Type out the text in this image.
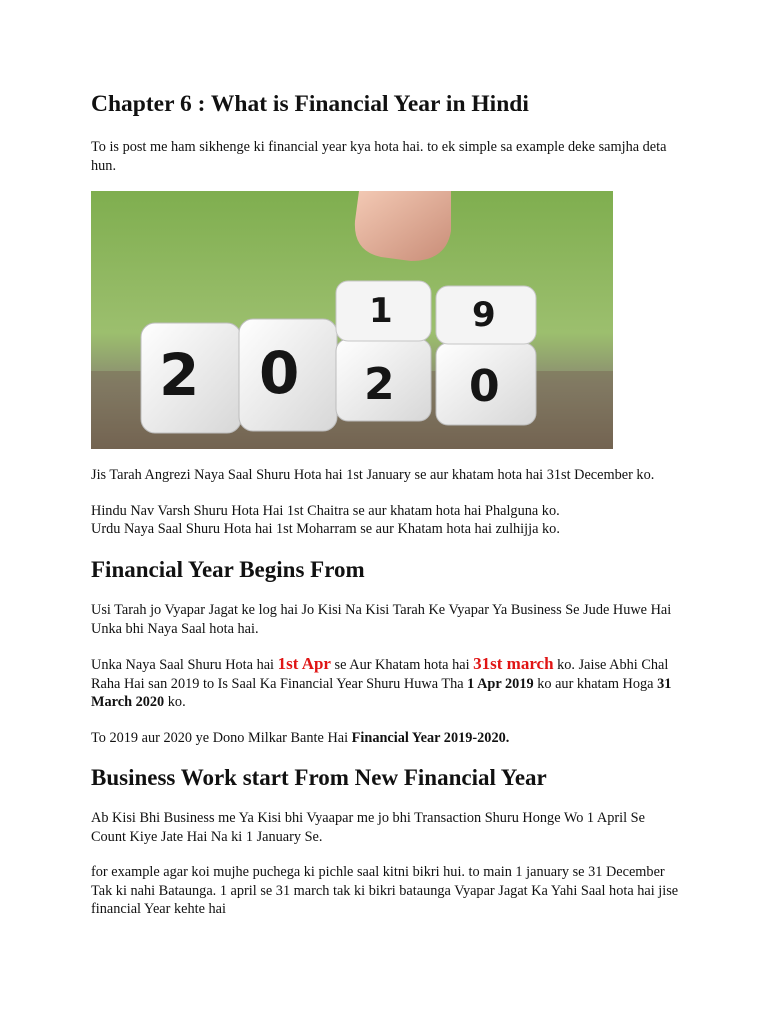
Chapter 6 : What is Financial Year in Hindi

To is post me ham sikhenge ki financial year kya hota hai. to ek simple sa example deke samjha deta hun.

2 0 2 0
1 9

Jis Tarah Angrezi Naya Saal Shuru Hota hai 1st January se aur khatam hota hai 31st December ko.

Hindu Nav Varsh Shuru Hota Hai 1st Chaitra se aur khatam hota hai Phalguna ko.

Urdu Naya Saal Shuru Hota hai 1st Moharram se aur Khatam hota hai zulhijja ko.

Financial Year Begins From

Usi Tarah jo Vyapar Jagat ke log hai Jo Kisi Na Kisi Tarah Ke Vyapar Ya Business Se Jude Huwe Hai Unka bhi Naya Saal hota hai.

Unka Naya Saal Shuru Hota hai 1st Apr se Aur Khatam hota hai 31st march ko. Jaise Abhi Chal Raha Hai san 2019 to Is Saal Ka Financial Year Shuru Huwa Tha 1 Apr 2019 ko aur khatam Hoga 31 March 2020 ko.

To 2019 aur 2020 ye Dono Milkar Bante Hai Financial Year 2019-2020.

Business Work start From New Financial Year

Ab Kisi Bhi Business me Ya Kisi bhi Vyaapar me jo bhi Transaction Shuru Honge Wo 1 April Se Count Kiye Jate Hai Na ki 1 January Se.

for example agar koi mujhe puchega ki pichle saal kitni bikri hui. to main 1 january se 31 December Tak ki nahi Bataunga. 1 april se 31 march tak ki bikri bataunga Vyapar Jagat Ka Yahi Saal hota hai jise financial Year kehte hai
